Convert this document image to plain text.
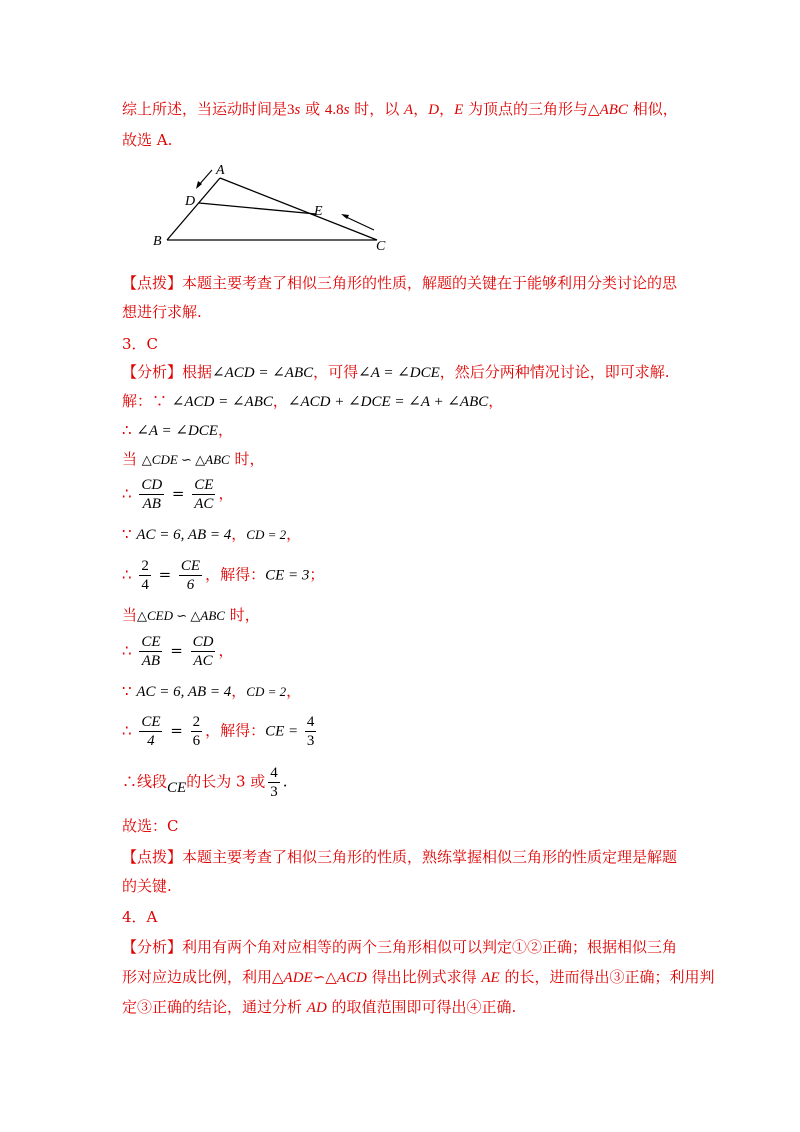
综上所述，当运动时间是3s 或 4.8s 时，以 A，D，E 为顶点的三角形与△ABC 相似，
故选 A.
A
D
E
B	C
【点拨】本题主要考查了相似三角形的性质，解题的关键在于能够利用分类讨论的思
想进行求解.
3．C
【分析】根据∠ACD = ∠ABC，可得∠A = ∠DCE，然后分两种情况讨论，即可求解.
解：∵ ∠ACD = ∠ABC，∠ACD + ∠DCE = ∠A + ∠ABC，
∴ ∠A = ∠DCE，
当 △CDE ∽ △ABC 时，
∴ $\frac{CD}{AB} = \frac{CE}{AC}$ ，
∵ AC = 6, AB = 4，CD = 2，
∴ $\frac{2}{4} = \frac{CE}{6}$ ，解得：CE = 3；
当△CED ∽ △ABC 时，
∴ $\frac{CE}{AB} = \frac{CD}{AC}$ ，
∵ AC = 6, AB = 4，CD = 2，
∴ $\frac{CE}{4} = \frac{2}{6}$ ，解得：CE = $\frac{4}{3}$
∴线段CE的长为 3 或 $\frac{4}{3}$ .
故选：C
【点拨】本题主要考查了相似三角形的性质，熟练掌握相似三角形的性质定理是解题
的关键.
4．A
【分析】利用有两个角对应相等的两个三角形相似可以判定①②正确；根据相似三角
形对应边成比例，利用△ADE∽△ACD 得出比例式求得 AE 的长，进而得出③正确；利用判
定③正确的结论，通过分析 AD 的取值范围即可得出④正确.
